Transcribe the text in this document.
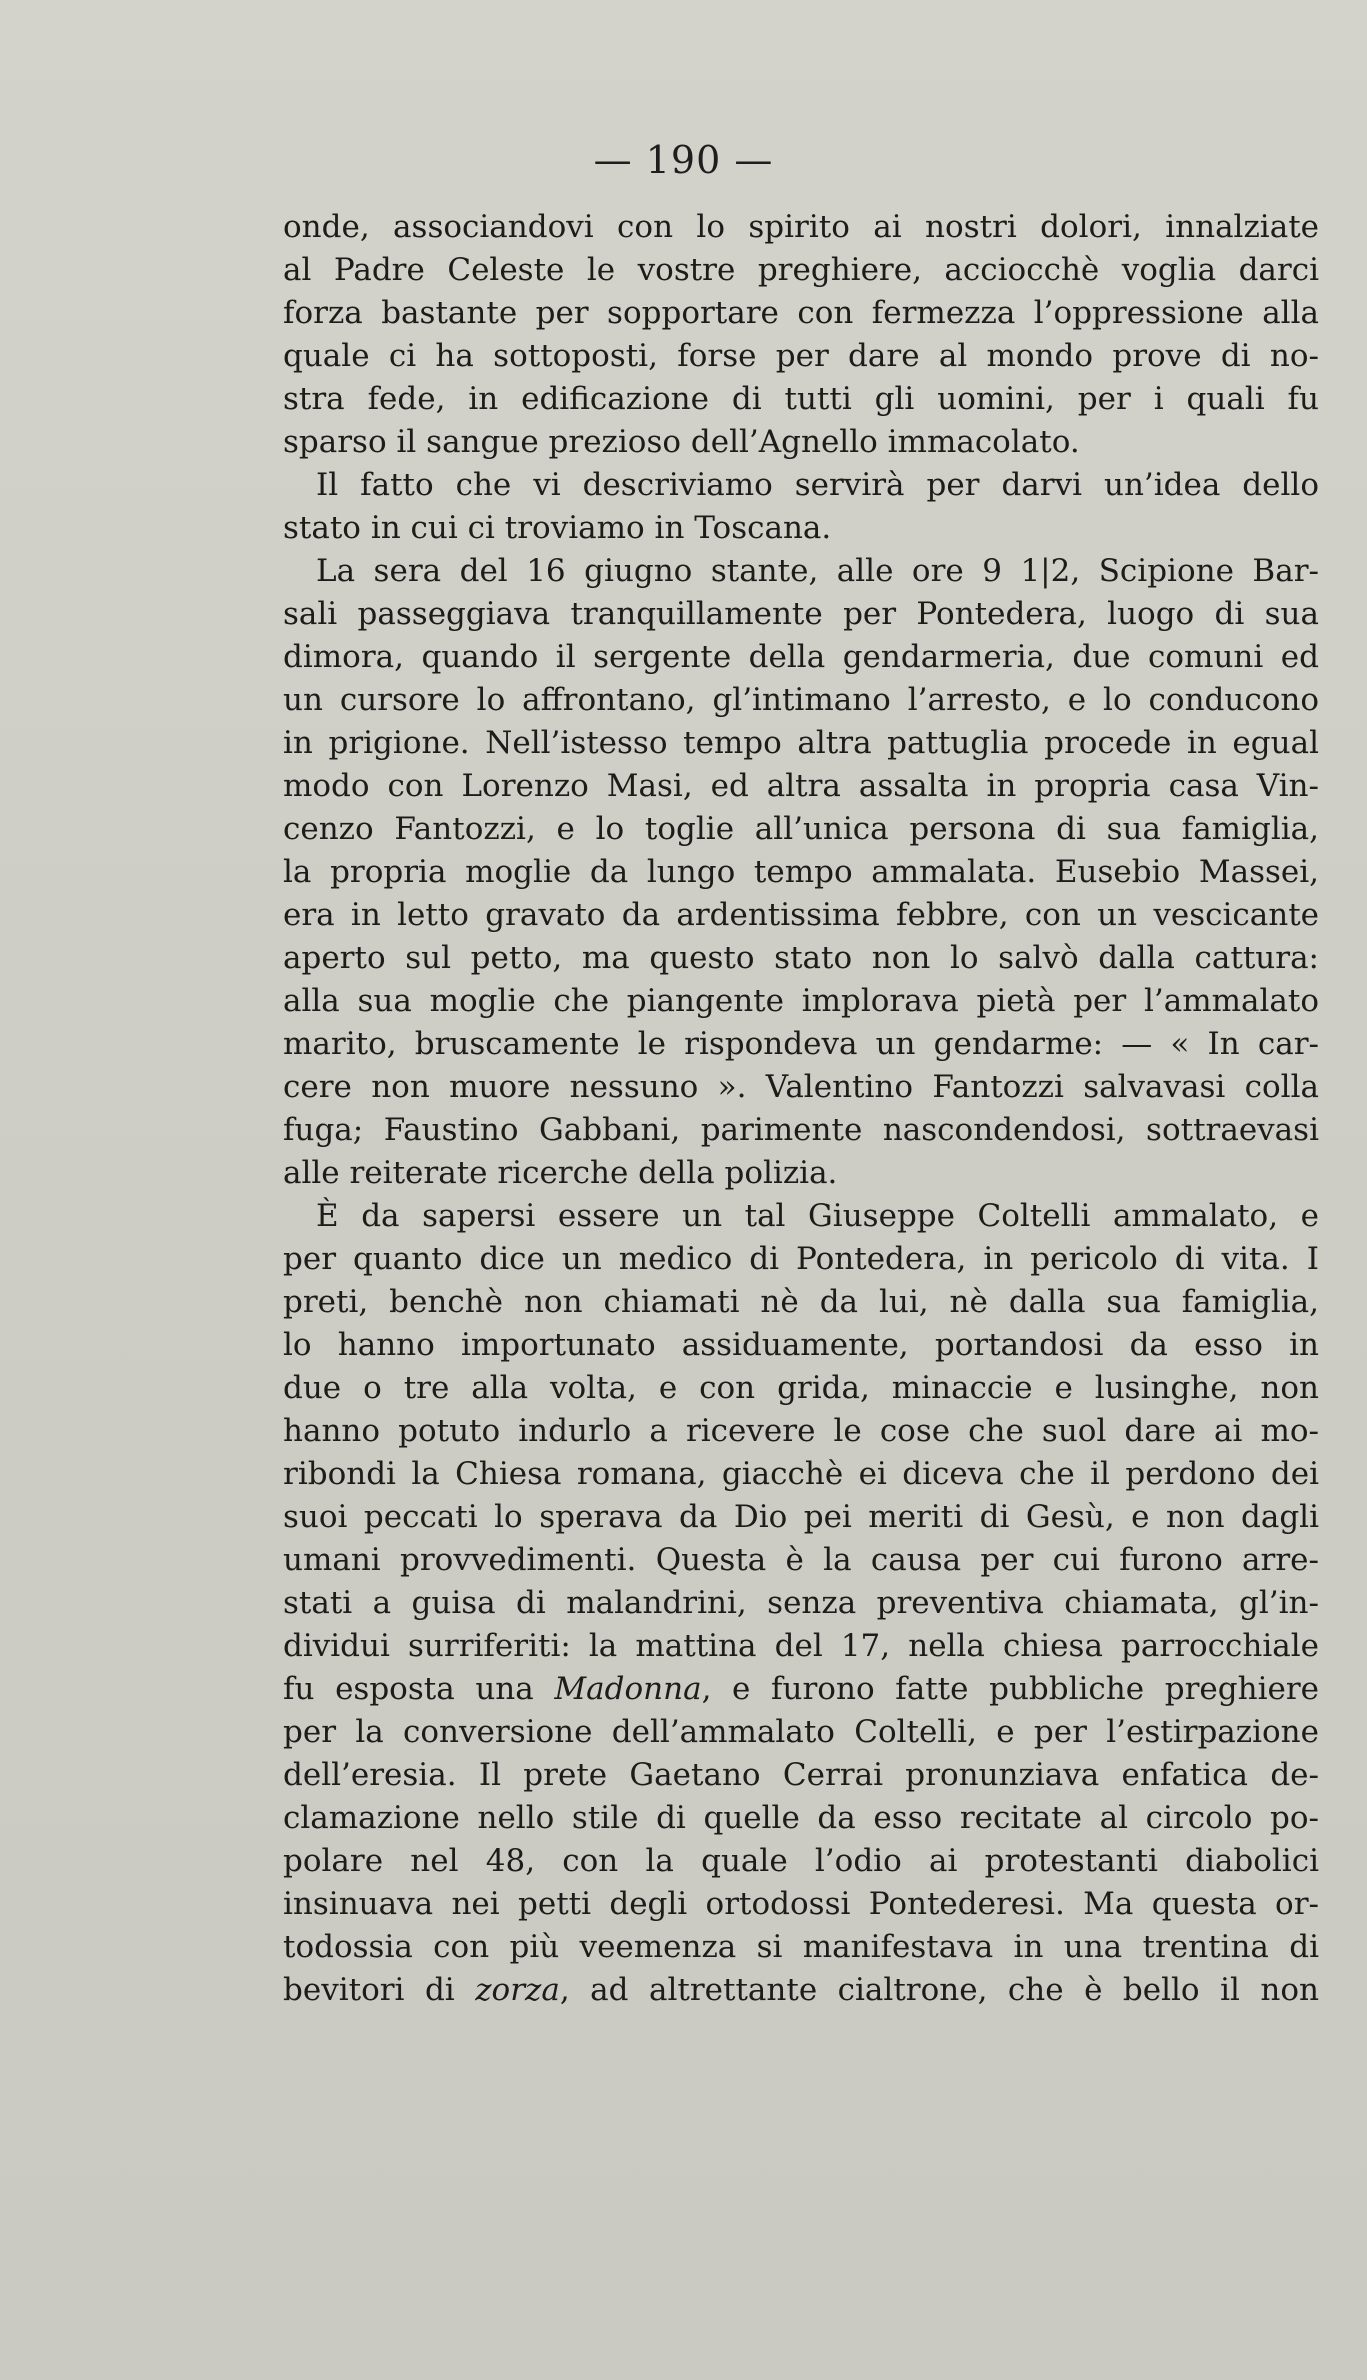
— 190 —
onde, associandovi con lo spirito ai nostri dolori, innalziate
al Padre Celeste le vostre preghiere, acciocchè voglia darci
forza bastante per sopportare con fermezza l’oppressione alla
quale ci ha sottoposti, forse per dare al mondo prove di no-
stra fede, in edificazione di tutti gli uomini, per i quali fu
sparso il sangue prezioso dell’Agnello immacolato.
Il fatto che vi descriviamo servirà per darvi un’idea dello
stato in cui ci troviamo in Toscana.
La sera del 16 giugno stante, alle ore 9 1|2, Scipione Bar-
sali passeggiava tranquillamente per Pontedera, luogo di sua
dimora, quando il sergente della gendarmeria, due comuni ed
un cursore lo affrontano, gl’intimano l’arresto, e lo conducono
in prigione. Nell’istesso tempo altra pattuglia procede in egual
modo con Lorenzo Masi, ed altra assalta in propria casa Vin-
cenzo Fantozzi, e lo toglie all’unica persona di sua famiglia,
la propria moglie da lungo tempo ammalata. Eusebio Massei,
era in letto gravato da ardentissima febbre, con un vescicante
aperto sul petto, ma questo stato non lo salvò dalla cattura:
alla sua moglie che piangente implorava pietà per l’ammalato
marito, bruscamente le rispondeva un gendarme: — « In car-
cere non muore nessuno ». Valentino Fantozzi salvavasi colla
fuga; Faustino Gabbani, parimente nascondendosi, sottraevasi
alle reiterate ricerche della polizia.
È da sapersi essere un tal Giuseppe Coltelli ammalato, e
per quanto dice un medico di Pontedera, in pericolo di vita. I
preti, benchè non chiamati nè da lui, nè dalla sua famiglia,
lo hanno importunato assiduamente, portandosi da esso in
due o tre alla volta, e con grida, minaccie e lusinghe, non
hanno potuto indurlo a ricevere le cose che suol dare ai mo-
ribondi la Chiesa romana, giacchè ei diceva che il perdono dei
suoi peccati lo sperava da Dio pei meriti di Gesù, e non dagli
umani provvedimenti. Questa è la causa per cui furono arre-
stati a guisa di malandrini, senza preventiva chiamata, gl’in-
dividui surriferiti: la mattina del 17, nella chiesa parrocchiale
fu esposta una Madonna, e furono fatte pubbliche preghiere
per la conversione dell’ammalato Coltelli, e per l’estirpazione
dell’eresia. Il prete Gaetano Cerrai pronunziava enfatica de-
clamazione nello stile di quelle da esso recitate al circolo po-
polare nel 48, con la quale l’odio ai protestanti diabolici
insinuava nei petti degli ortodossi Pontederesi. Ma questa or-
todossia con più veemenza si manifestava in una trentina di
bevitori di zorza, ad altrettante cialtrone, che è bello il non
